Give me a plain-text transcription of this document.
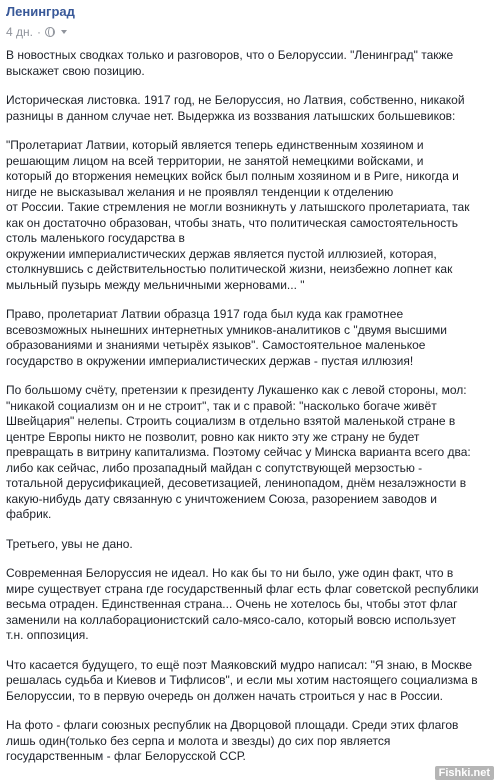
Ленинград
4 дн. ·

В новостных сводках только и разговоров, что о Белоруссии. "Ленинград" также
выскажет свою позицию.

Историческая листовка. 1917 год, не Белоруссия, но Латвия, собственно, никакой
разницы в данном случае нет. Выдержка из воззвания латышских большевиков:

"Пролетариат Латвии, который является теперь единственным хозяином и
решающим лицом на всей территории, не занятой немецкими войсками, и
который до вторжения немецких войск был полным хозяином и в Риге, никогда и
нигде не высказывал желания и не проявлял тенденции к отделению
от России. Такие стремления не могли возникнуть у латышского пролетариата, так
как он достаточно образован, чтобы знать, что политическая самостоятельность
столь маленького государства в
окружении империалистических держав является пустой иллюзией, которая,
столкнувшись с действительностью политической жизни, неизбежно лопнет как
мыльный пузырь между мельничными жерновами... "

Право, пролетариат Латвии образца 1917 года был куда как грамотнее
всевозможных нынешних интернетных умников-аналитиков с "двумя высшими
образованиями и знаниями четырёх языков". Самостоятельное маленькое
государство в окружении империалистических держав - пустая иллюзия!

По большому счёту, претензии к президенту Лукашенко как с левой стороны, мол:
"никакой социализм он и не строит", так и с правой: "насколько богаче живёт
Швейцария" нелепы. Строить социализм в отдельно взятой маленькой стране в
центре Европы никто не позволит, ровно как никто эту же страну не будет
превращать в витрину капитализма. Поэтому сейчас у Минска варианта всего два:
либо как сейчас, либо прозападный майдан с сопутствующей мерзостью -
тотальной дерусификацией, десоветизацией, ленинопадом, днём незалэжности в
какую-нибудь дату связанную с уничтожением Союза, разорением заводов и
фабрик.

Третьего, увы не дано.

Современная Белоруссия не идеал. Но как бы то ни было, уже один факт, что в
мире существует страна где государственный флаг есть флаг советской республики
весьма отраден. Единственная страна... Очень не хотелось бы, чтобы этот флаг
заменили на коллаборационистский сало-мясо-сало, который вовсю использует
т.н. оппозиция.

Что касается будущего, то ещё поэт Маяковский мудро написал: "Я знаю, в Москве
решалась судьба и Киевов и Тифлисов", и если мы хотим настоящего социализма в
Белоруссии, то в первую очередь он должен начать строиться у нас в России.

На фото - флаги союзных республик на Дворцовой площади. Среди этих флагов
лишь один(только без серпа и молота и звезды) до сих пор является
государственным - флаг Белорусской ССР.

Fishki.net
